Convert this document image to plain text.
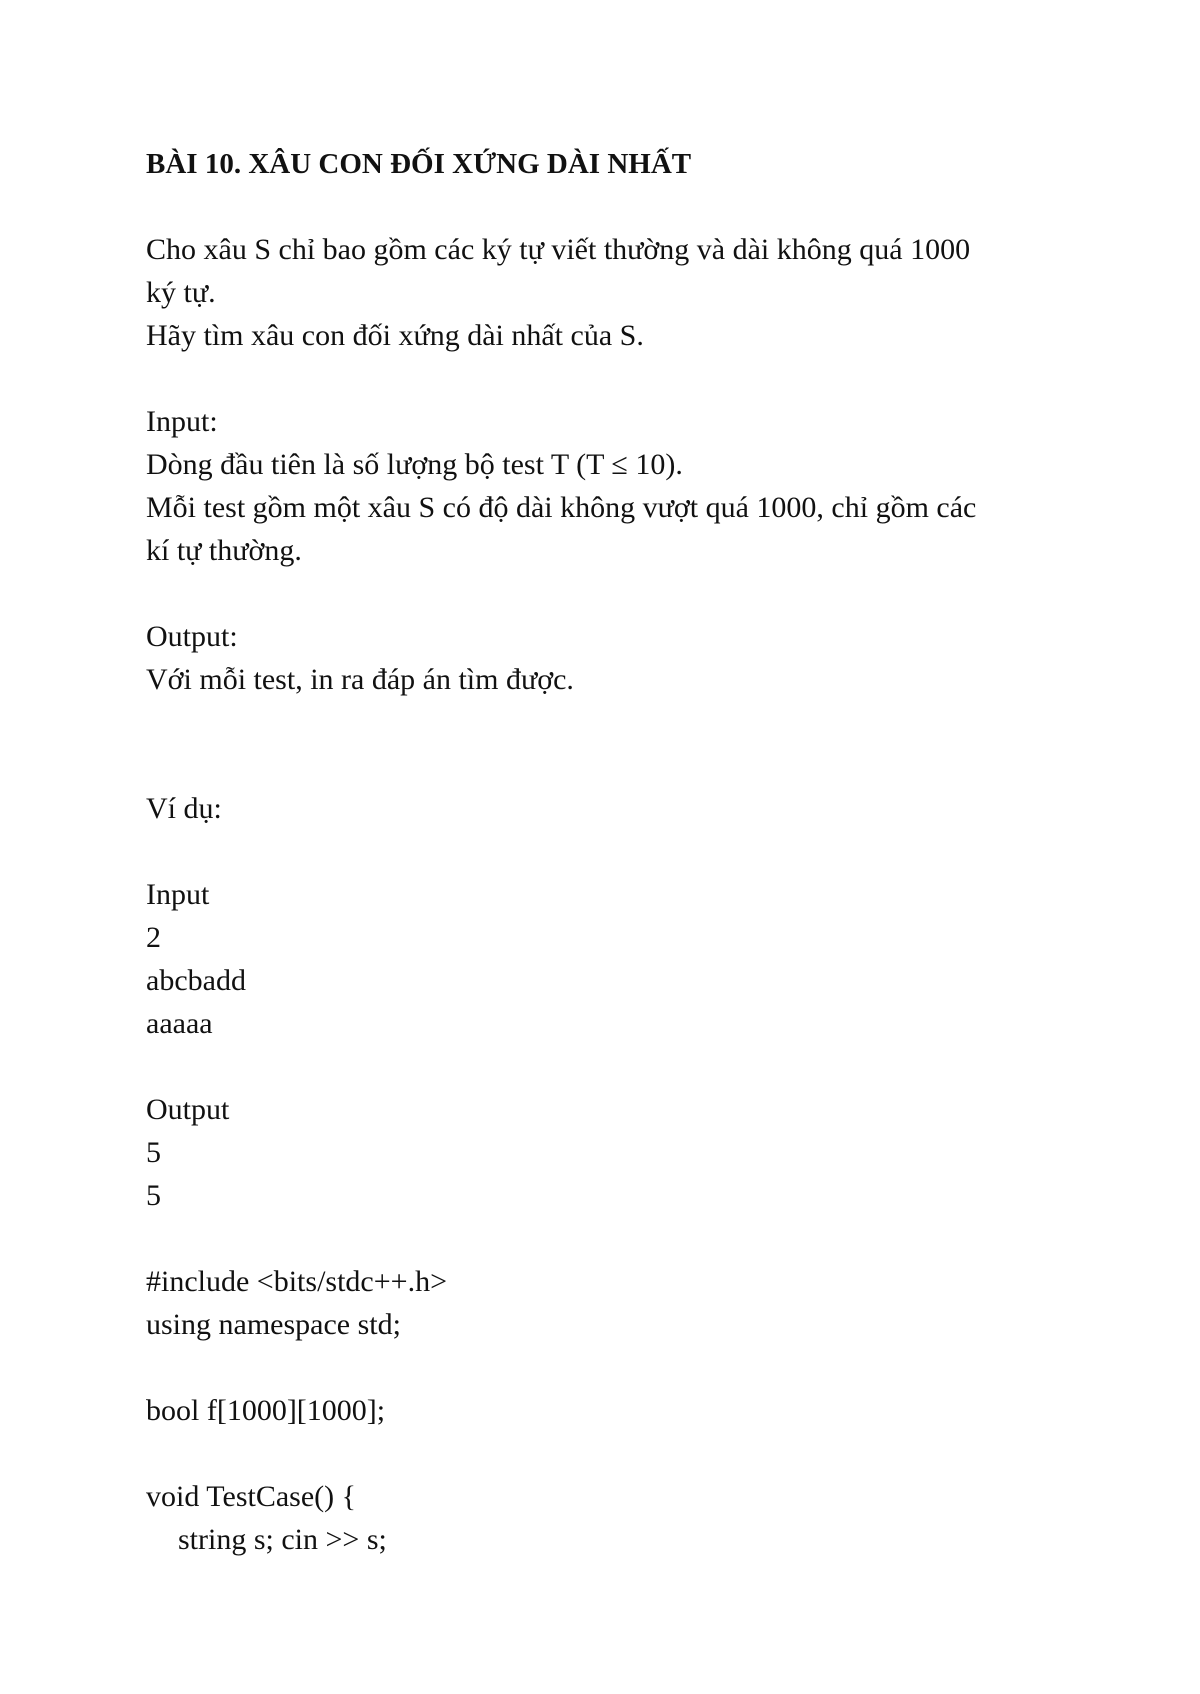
BÀI 10. XÂU CON ĐỐI XỨNG DÀI NHẤT
Cho xâu S chỉ bao gồm các ký tự viết thường và dài không quá 1000
ký tự.
Hãy tìm xâu con đối xứng dài nhất của S.
Input:
Dòng đầu tiên là số lượng bộ test T (T ≤ 10).
Mỗi test gồm một xâu S có độ dài không vượt quá 1000, chỉ gồm các
kí tự thường.
Output:
Với mỗi test, in ra đáp án tìm được.
Ví dụ:
Input
2
abcbadd
aaaaa
Output
5
5
#include <bits/stdc++.h>
using namespace std;
bool f[1000][1000];
void TestCase() {
string s; cin >> s;
